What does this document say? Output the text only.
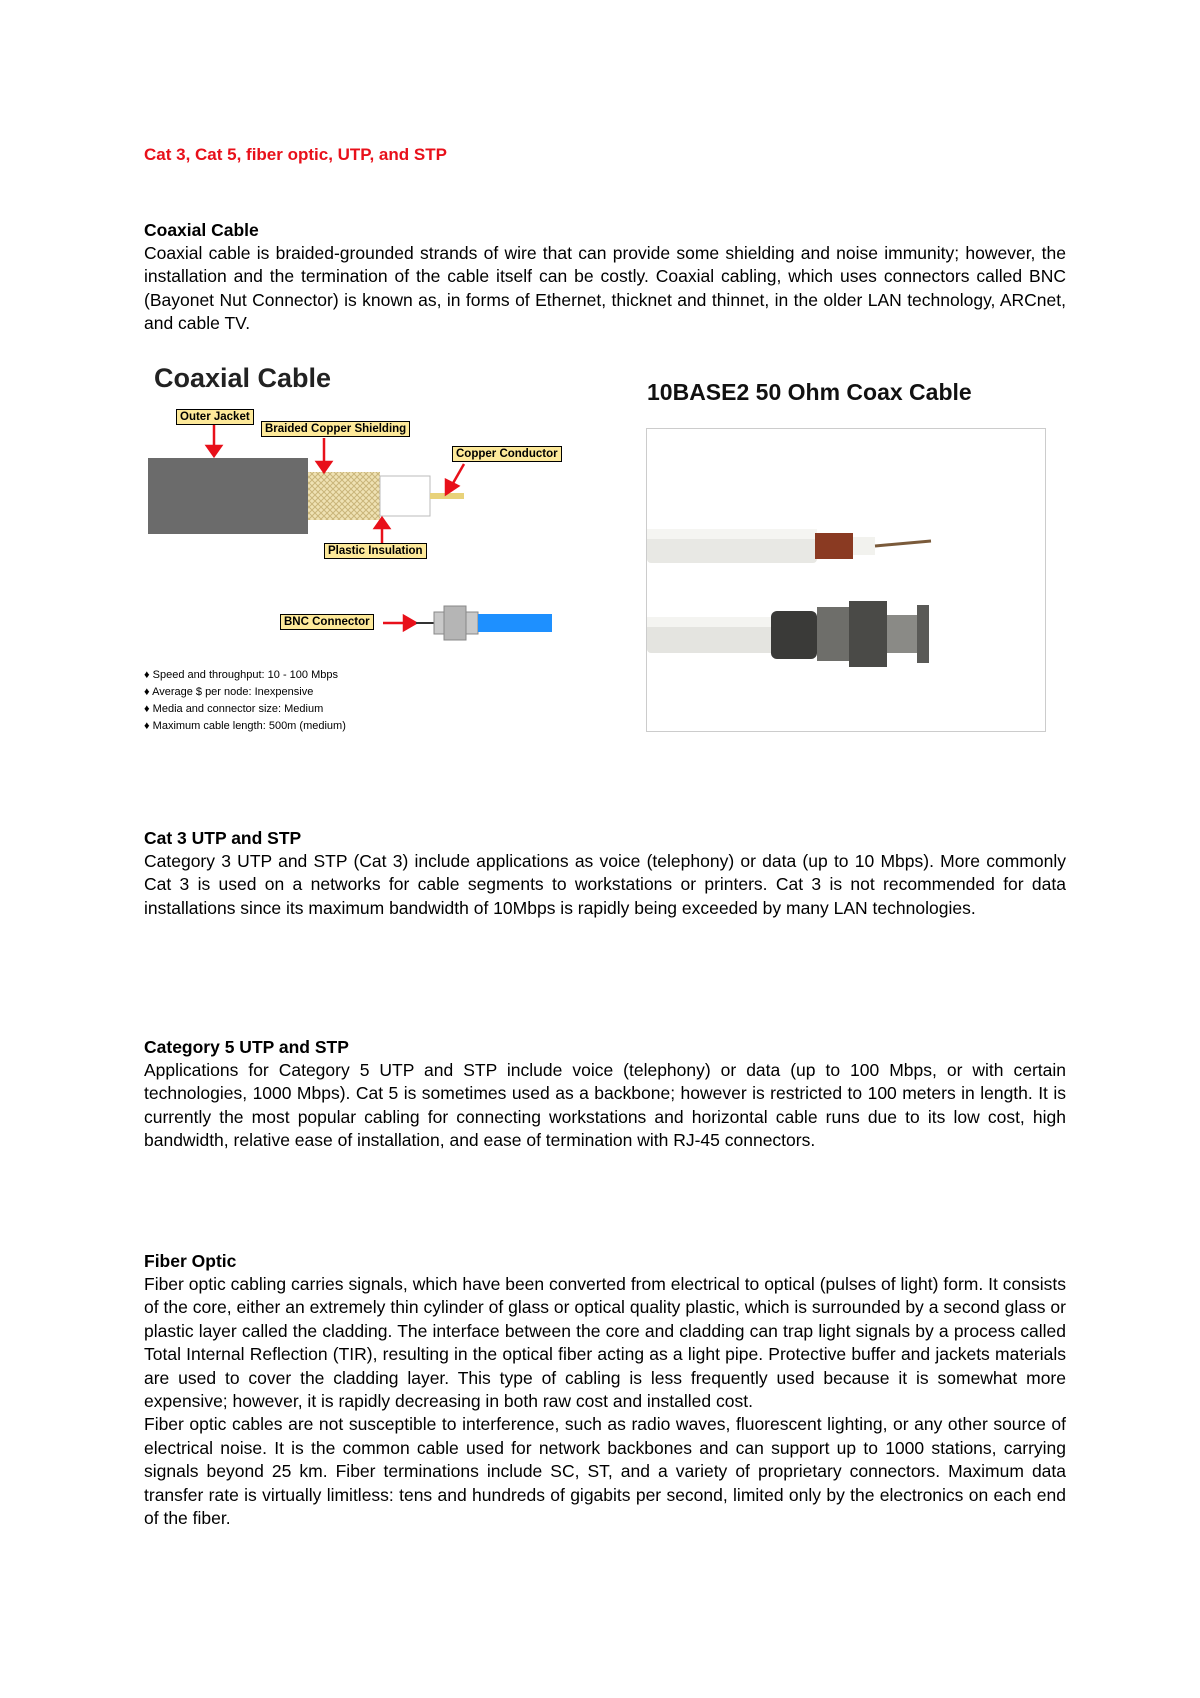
Cat 3, Cat 5, fiber optic, UTP, and STP
Coaxial Cable
Coaxial cable is braided-grounded strands of wire that can provide some shielding and noise immunity; however, the installation and the termination of the cable itself can be costly. Coaxial cabling, which uses connectors called BNC (Bayonet Nut Connector) is known as, in forms of Ethernet, thicknet and thinnet, in the older LAN technology, ARCnet, and cable TV.
Coaxial Cable
Outer Jacket
Braided Copper Shielding
Copper Conductor
Plastic Insulation
BNC Connector
♦ Speed and throughput: 10 - 100 Mbps
♦ Average $ per node: Inexpensive
♦ Media and connector size: Medium
♦ Maximum cable length: 500m (medium)
10BASE2 50 Ohm Coax Cable
Cat 3 UTP and STP
Category 3 UTP and STP (Cat 3) include applications as voice (telephony) or data (up to 10 Mbps). More commonly Cat 3 is used on a networks for cable segments to workstations or printers. Cat 3 is not recommended for data installations since its maximum bandwidth of 10Mbps is rapidly being exceeded by many LAN technologies.
Category 5 UTP and STP
Applications for Category 5 UTP and STP include voice (telephony) or data (up to 100 Mbps, or with certain technologies, 1000 Mbps). Cat 5 is sometimes used as a backbone; however is restricted to 100 meters in length. It is currently the most popular cabling for connecting workstations and horizontal cable runs due to its low cost, high bandwidth, relative ease of installation, and ease of termination with RJ-45 connectors.
Fiber Optic
Fiber optic cabling carries signals, which have been converted from electrical to optical (pulses of light) form. It consists of the core, either an extremely thin cylinder of glass or optical quality plastic, which is surrounded by a second glass or plastic layer called the cladding. The interface between the core and cladding can trap light signals by a process called Total Internal Reflection (TIR), resulting in the optical fiber acting as a light pipe. Protective buffer and jackets materials are used to cover the cladding layer. This type of cabling is less frequently used because it is somewhat more expensive; however, it is rapidly decreasing in both raw cost and installed cost.
Fiber optic cables are not susceptible to interference, such as radio waves, fluorescent lighting, or any other source of electrical noise. It is the common cable used for network backbones and can support up to 1000 stations, carrying signals beyond 25 km. Fiber terminations include SC, ST, and a variety of proprietary connectors. Maximum data transfer rate is virtually limitless: tens and hundreds of gigabits per second, limited only by the electronics on each end of the fiber.
